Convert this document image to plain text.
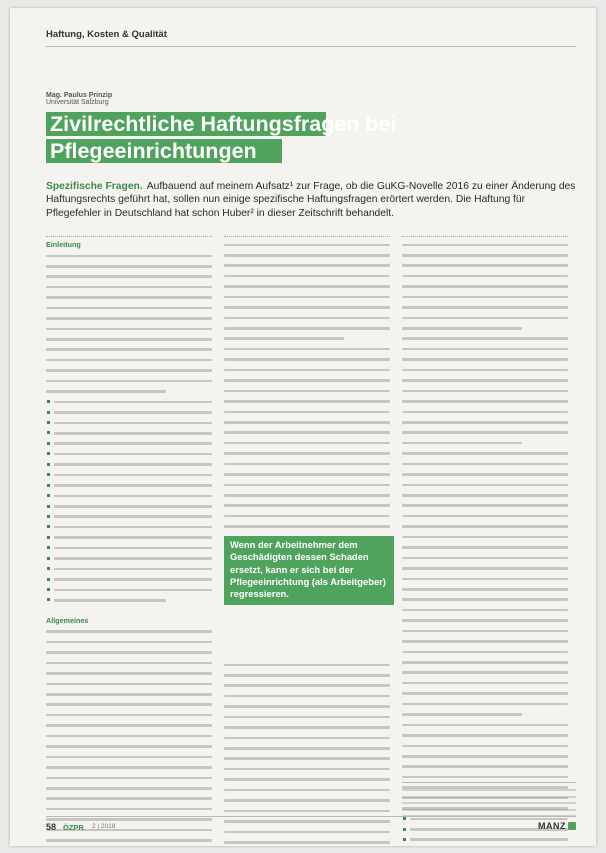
Haftung, Kosten & Qualität
Mag. Paulus Prinzip
Universität Salzburg
Zivilrechtliche Haftungsfragen bei Pflegeeinrichtungen
Spezifische Fragen. Aufbauend auf meinem Aufsatz¹ zur Frage, ob die GuKG-Novelle 2016 zu einer Änderung des Haftungsrechts geführt hat, sollen nun einige spezifische Haftungsfragen erörtert werden. Die Haftung für Pflegefehler in Deutschland hat schon Huber² in dieser Zeitschrift behandelt.
Einleitung
Allgemeines
Wenn der Arbeitnehmer dem Geschädigten dessen Schaden ersetzt, kann er sich bei der Pflegeeinrichtung (als Arbeitgeber) regressieren.
58 ÖZPR 2 | 2018	MANZ
